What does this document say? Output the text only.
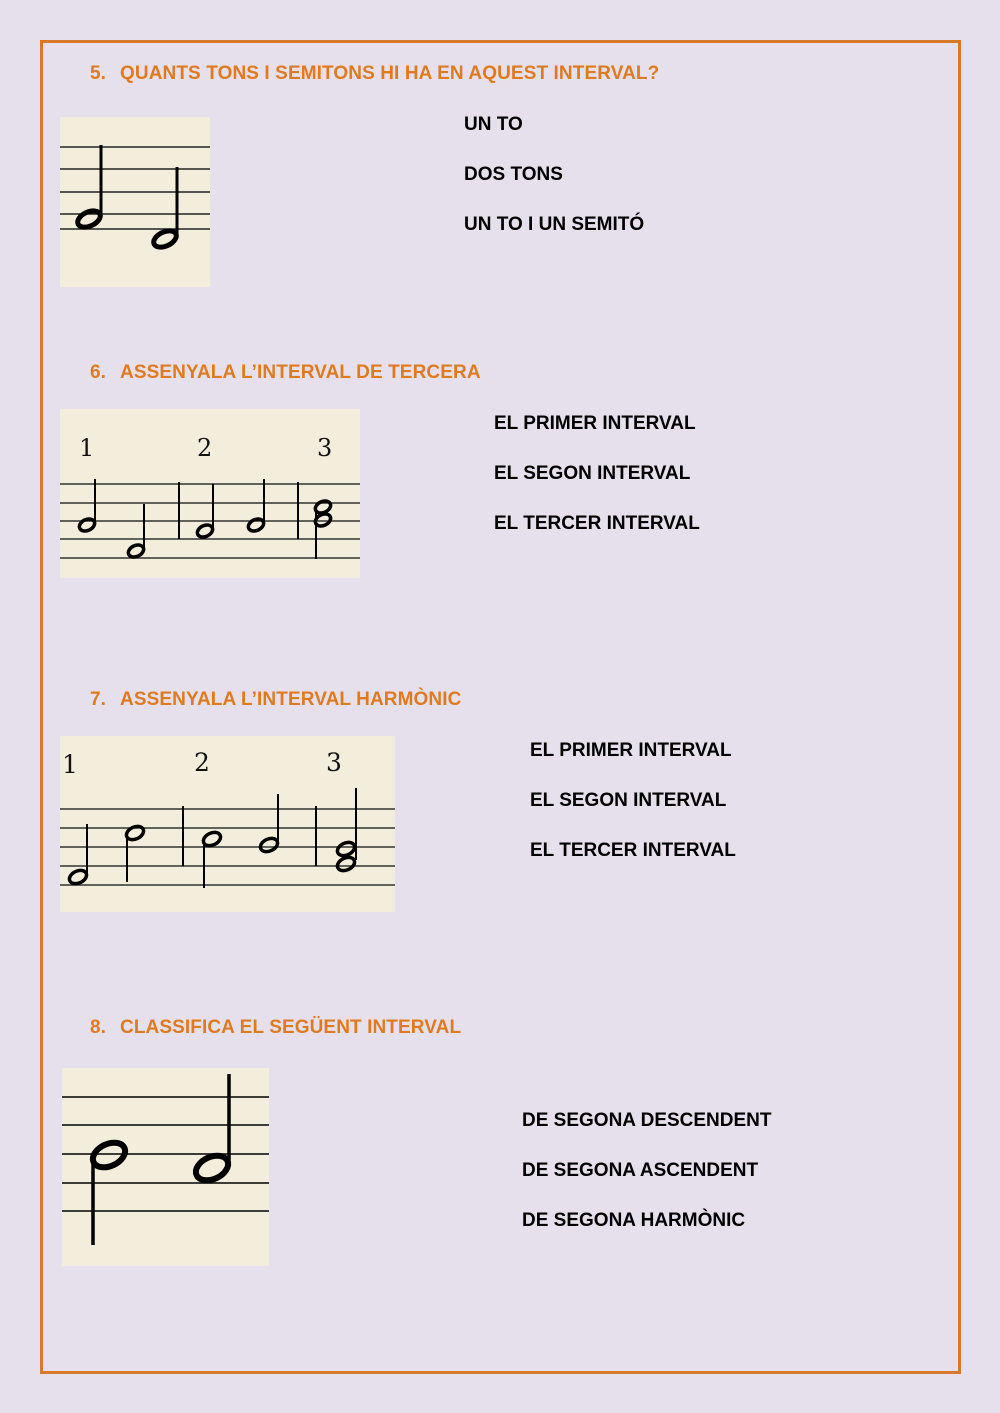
5. QUANTS TONS I SEMITONS HI HA EN AQUEST INTERVAL?
UN TO
DOS TONS
UN TO I UN SEMITÓ
6. ASSENYALA L’INTERVAL DE TERCERA
1	2	3
EL PRIMER INTERVAL
EL SEGON INTERVAL
EL TERCER INTERVAL
7. ASSENYALA L’INTERVAL HARMÒNIC
1	2	3	EL PRIMER INTERVAL
EL SEGON INTERVAL
EL TERCER INTERVAL
8. CLASSIFICA EL SEGÜENT INTERVAL
DE SEGONA DESCENDENT
DE SEGONA ASCENDENT
DE SEGONA HARMÒNIC
